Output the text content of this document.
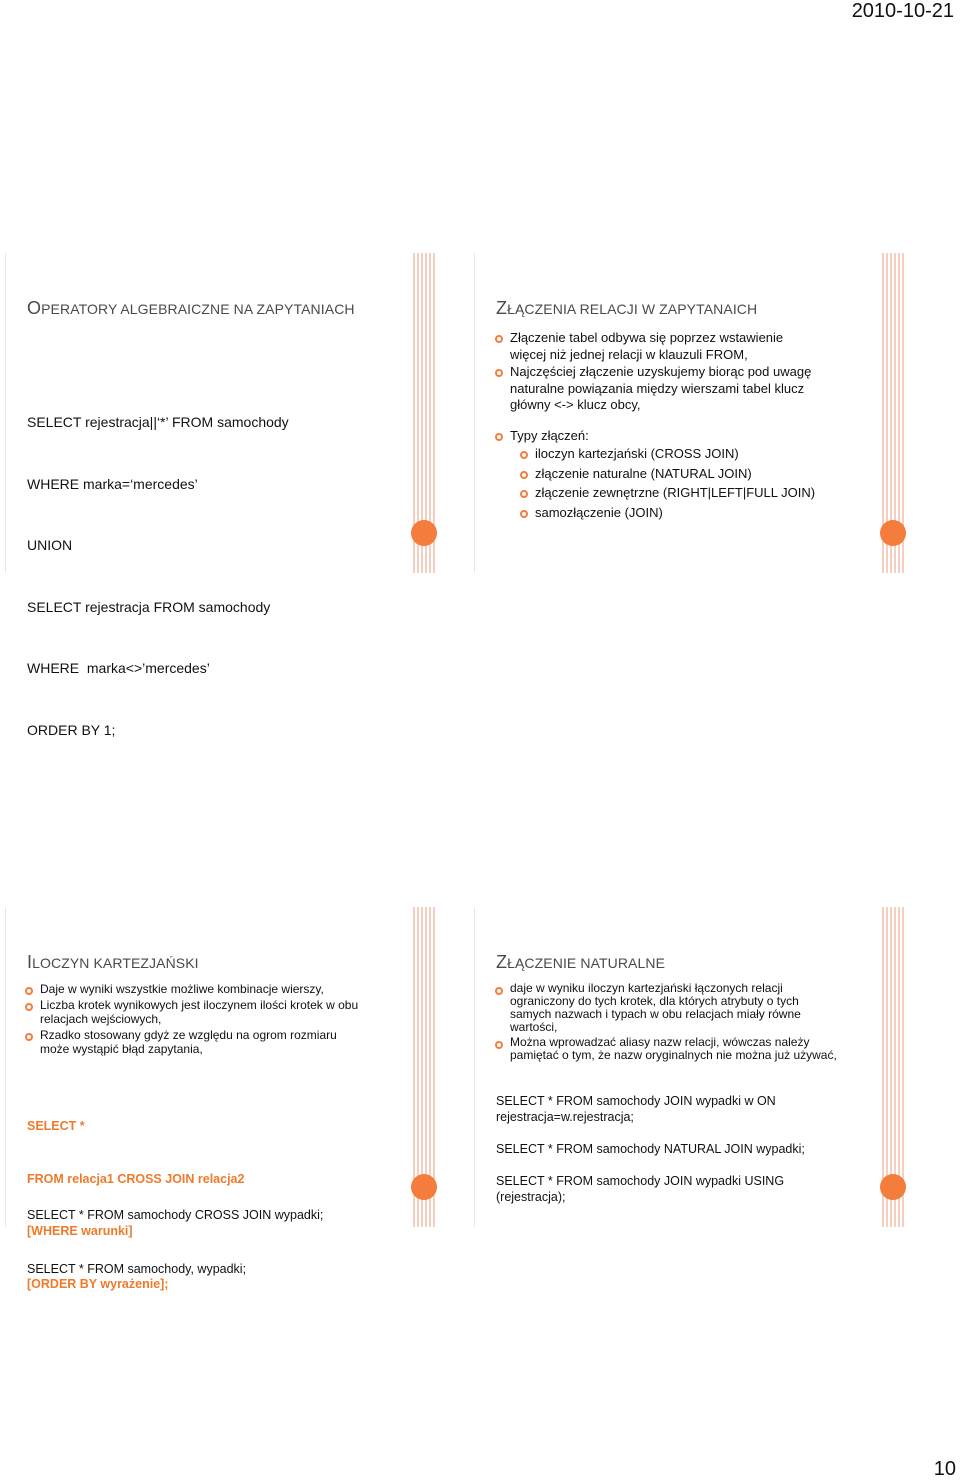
2010-10-21
OPERATORY ALGEBRAICZNE NA ZAPYTANIACH

SELECT rejestracja||‘*’ FROM samochody

WHERE marka=‘mercedes’

UNION

SELECT rejestracja FROM samochody

WHERE  marka<>’mercedes’

ORDER BY 1;

ZŁĄCZENIA RELACJI W ZAPYTANAICH
Złączenie tabel odbywa się poprzez wstawienie więcej niż jednej relacji w klauzuli FROM,
Najczęściej złączenie uzyskujemy biorąc pod uwagę naturalne powiązania między wierszami tabel klucz główny <-> klucz obcy,
Typy złączeń:
iloczyn kartezjański (CROSS JOIN)
złączenie naturalne (NATURAL JOIN)
złączenie zewnętrzne (RIGHT|LEFT|FULL JOIN)
samozłączenie (JOIN)
ILOCZYN KARTEZJAŃSKI
Daje w wyniki wszystkie możliwe kombinacje wierszy,
Liczba krotek wynikowych jest iloczynem ilości krotek w obu relacjach wejściowych,
Rzadko stosowany gdyż ze względu na ogrom rozmiaru może wystąpić błąd zapytania,

SELECT *

FROM relacja1 CROSS JOIN relacja2

[WHERE warunki]

[ORDER BY wyrażenie];

SELECT * FROM samochody CROSS JOIN wypadki;

SELECT * FROM samochody, wypadki;

ZŁĄCZENIE NATURALNE
daje w wyniku iloczyn kartezjański łączonych relacji ograniczony do tych krotek, dla których atrybuty o tych samych nazwach i typach w obu relacjach miały równe wartości,
Można wprowadzać aliasy nazw relacji, wówczas należy pamiętać o tym, że nazw oryginalnych nie można już używać,
SELECT * FROM samochody JOIN wypadki w ON rejestracja=w.rejestracja;
SELECT * FROM samochody NATURAL JOIN wypadki;
SELECT * FROM samochody JOIN wypadki USING (rejestracja);
10
